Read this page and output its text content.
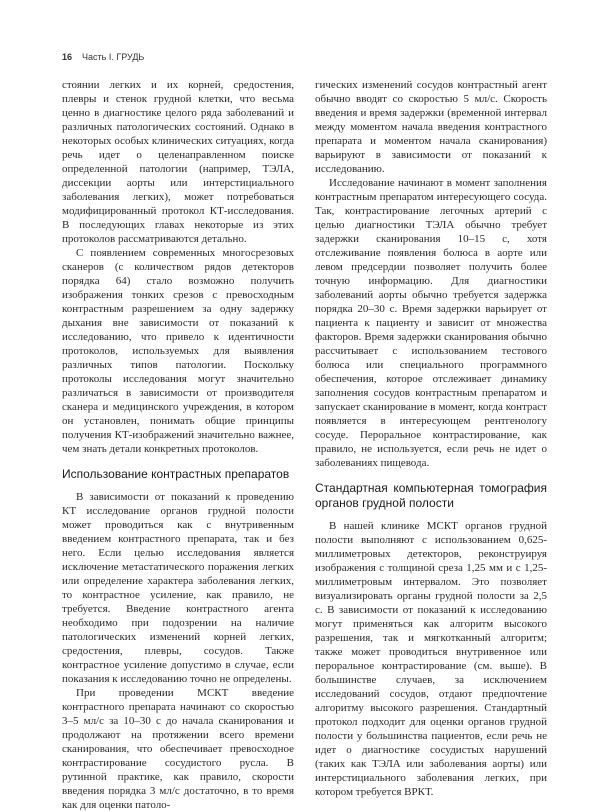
16 Часть I. ГРУДЬ

стоянии легких и их корней, средостения, плевры и стенок грудной клетки, что весьма ценно в диагностике целого ряда заболеваний и различных патологических состояний. Однако в некоторых особых клинических ситуациях, когда речь идет о целенаправленном поиске определенной патологии (например, ТЭЛА, диссекции аорты или интерстициального заболевания легких), может потребоваться модифицированный протокол КТ-исследования. В последующих главах некоторые из этих протоколов рассматриваются детально.

С появлением современных многосрезовых сканеров (с количеством рядов детекторов порядка 64) стало возможно получить изображения тонких срезов с превосходным контрастным разрешением за одну задержку дыхания вне зависимости от показаний к исследованию, что привело к идентичности протоколов, используемых для выявления различных типов патологии. Поскольку протоколы исследования могут значительно различаться в зависимости от производителя сканера и медицинского учреждения, в котором он установлен, понимать общие принципы получения КТ-изображений значительно важнее, чем знать детали конкретных протоколов.

Использование контрастных препаратов

В зависимости от показаний к проведению КТ исследование органов грудной полости может проводиться как с внутривенным введением контрастного препарата, так и без него. Если целью исследования является исключение метастатического поражения легких или определение характера заболевания легких, то контрастное усиление, как правило, не требуется. Введение контрастного агента необходимо при подозрении на наличие патологических изменений корней легких, средостения, плевры, сосудов. Также контрастное усиление допустимо в случае, если показания к исследованию точно не определены.

При проведении МСКТ введение контрастного препарата начинают со скоростью 3–5 мл/с за 10–30 с до начала сканирования и продолжают на протяжении всего времени сканирования, что обеспечивает превосходное контрастирование сосудистого русла. В рутинной практике, как правило, скорости введения порядка 3 мл/с достаточно, в то время как для оценки патоло-

гических изменений сосудов контрастный агент обычно вводят со скоростью 5 мл/с. Скорость введения и время задержки (временной интервал между моментом начала введения контрастного препарата и моментом начала сканирования) варьируют в зависимости от показаний к исследованию.

Исследование начинают в момент заполнения контрастным препаратом интересующего сосуда. Так, контрастирование легочных артерий с целью диагностики ТЭЛА обычно требует задержки сканирования 10–15 с, хотя отслеживание появления болюса в аорте или левом предсердии позволяет получить более точную информацию. Для диагностики заболеваний аорты обычно требуется задержка порядка 20–30 с. Время задержки варьирует от пациента к пациенту и зависит от множества факторов. Время задержки сканирования обычно рассчитывает с использованием тестового болюса или специального программного обеспечения, которое отслеживает динамику заполнения сосудов контрастным препаратом и запускает сканирование в момент, когда контраст появляется в интересующем рентгенологу сосуде. Пероральное контрастирование, как правило, не используется, если речь не идет о заболеваниях пищевода.

Стандартная компьютерная томография органов грудной полости

В нашей клинике МСКТ органов грудной полости выполняют с использованием 0,625-миллиметровых детекторов, реконструируя изображения с толщиной среза 1,25 мм и с 1,25-миллиметровым интервалом. Это позволяет визуализировать органы грудной полости за 2,5 с. В зависимости от показаний к исследованию могут применяться как алгоритм высокого разрешения, так и мягкотканный алгоритм; также может проводиться внутривенное или пероральное контрастирование (см. выше). В большинстве случаев, за исключением исследований сосудов, отдают предпочтение алгоритму высокого разрешения. Стандартный протокол подходит для оценки органов грудной полости у большинства пациентов, если речь не идет о диагностике сосудистых нарушений (таких как ТЭЛА или заболевания аорты) или интерстициального заболевания легких, при котором требуется ВРКТ.
